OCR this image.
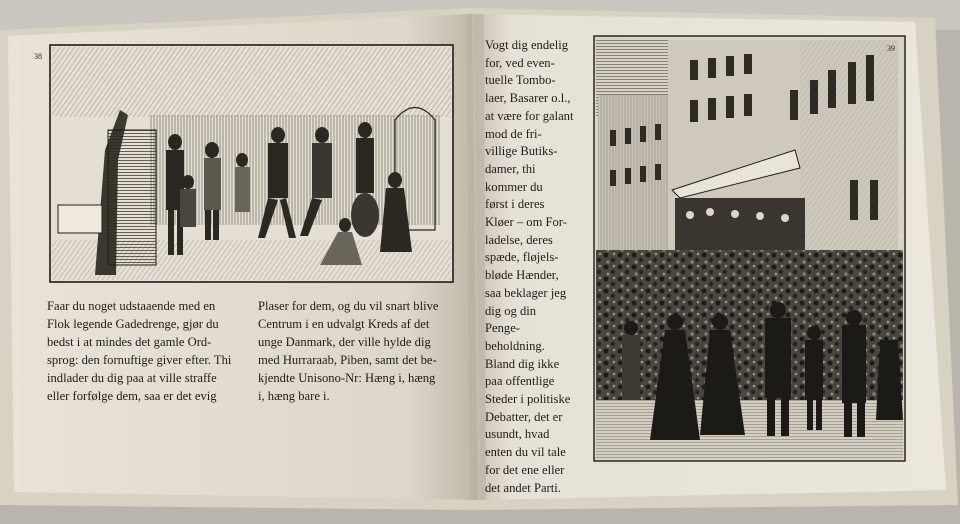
38
39
Faar du noget udstaaende med en
Flok legende Gadedrenge, gjør du
bedst i at mindes det gamle Ord-
sprog: den fornuftige giver efter. Thi
indlader du dig paa at ville straffe
eller forfølge dem, saa er det evig
Plaser for dem, og du vil snart blive
Centrum i en udvalgt Kreds af det
unge Danmark, der ville hylde dig
med Hurraraab, Piben, samt det be-
kjendte Unisono-Nr: Hæng i, hæng
i, hæng bare i.
Vogt dig endelig
for, ved even-
tuelle Tombo-
laer, Basarer o.l.,
at være for galant
mod de fri-
villige Butiks-
damer, thi
kommer du
først i deres
Kløer – om For-
ladelse, deres
spæde, fløjels-
bløde Hænder,
saa beklager jeg
dig og din
Penge-
beholdning.
Bland dig ikke
paa offentlige
Steder i politiske
Debatter, det er
usundt, hvad
enten du vil tale
for det ene eller
det andet Parti.
